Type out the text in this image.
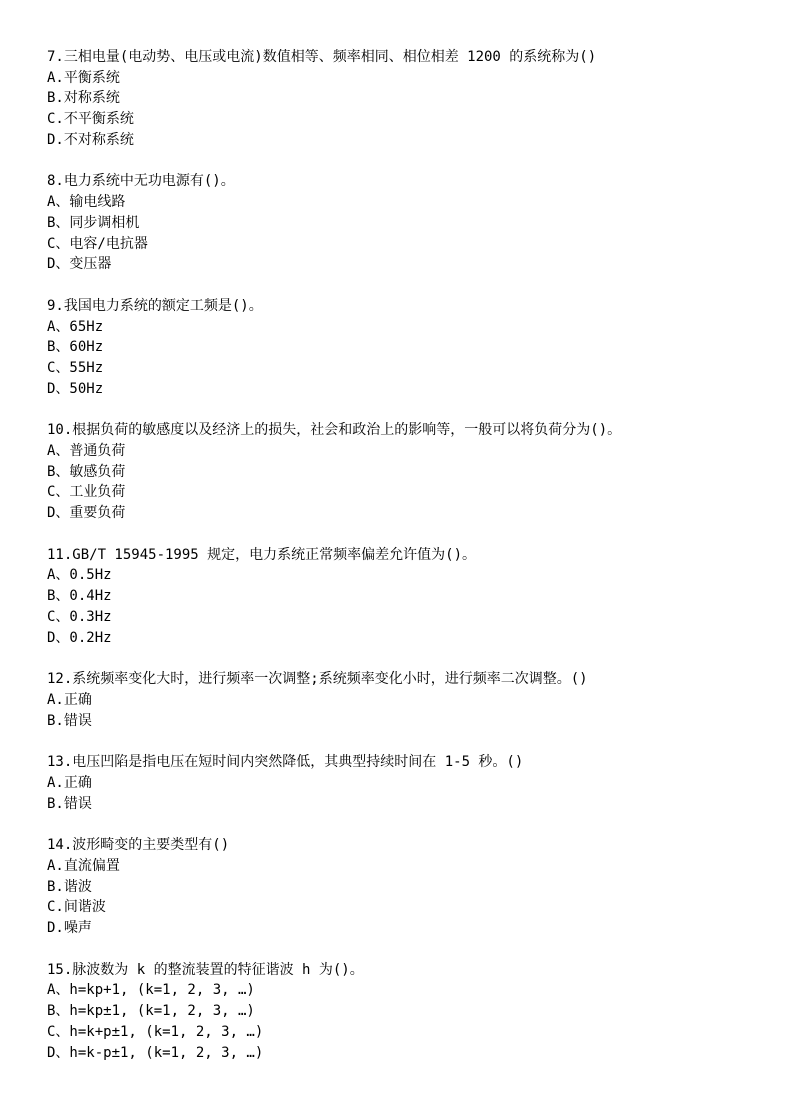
7.三相电量(电动势、电压或电流)数值相等、频率相同、相位相差 1200 的系统称为()
A.平衡系统
B.对称系统
C.不平衡系统
D.不对称系统
8.电力系统中无功电源有()。
A、输电线路
B、同步调相机
C、电容/电抗器
D、变压器
9.我国电力系统的额定工频是()。
A、65Hz
B、60Hz
C、55Hz
D、50Hz
10.根据负荷的敏感度以及经济上的损失，社会和政治上的影响等，一般可以将负荷分为()。
A、普通负荷
B、敏感负荷
C、工业负荷
D、重要负荷
11.GB/T 15945-1995 规定，电力系统正常频率偏差允许值为()。
A、0.5Hz
B、0.4Hz
C、0.3Hz
D、0.2Hz
12.系统频率变化大时，进行频率一次调整;系统频率变化小时，进行频率二次调整。()
A.正确
B.错误
13.电压凹陷是指电压在短时间内突然降低，其典型持续时间在 1-5 秒。()
A.正确
B.错误
14.波形畸变的主要类型有()
A.直流偏置
B.谐波
C.间谐波
D.噪声
15.脉波数为 k 的整流装置的特征谐波 h 为()。
A、h=kp+1, (k=1, 2, 3, …)
B、h=kp±1, (k=1, 2, 3, …)
C、h=k+p±1, (k=1, 2, 3, …)
D、h=k-p±1, (k=1, 2, 3, …)
